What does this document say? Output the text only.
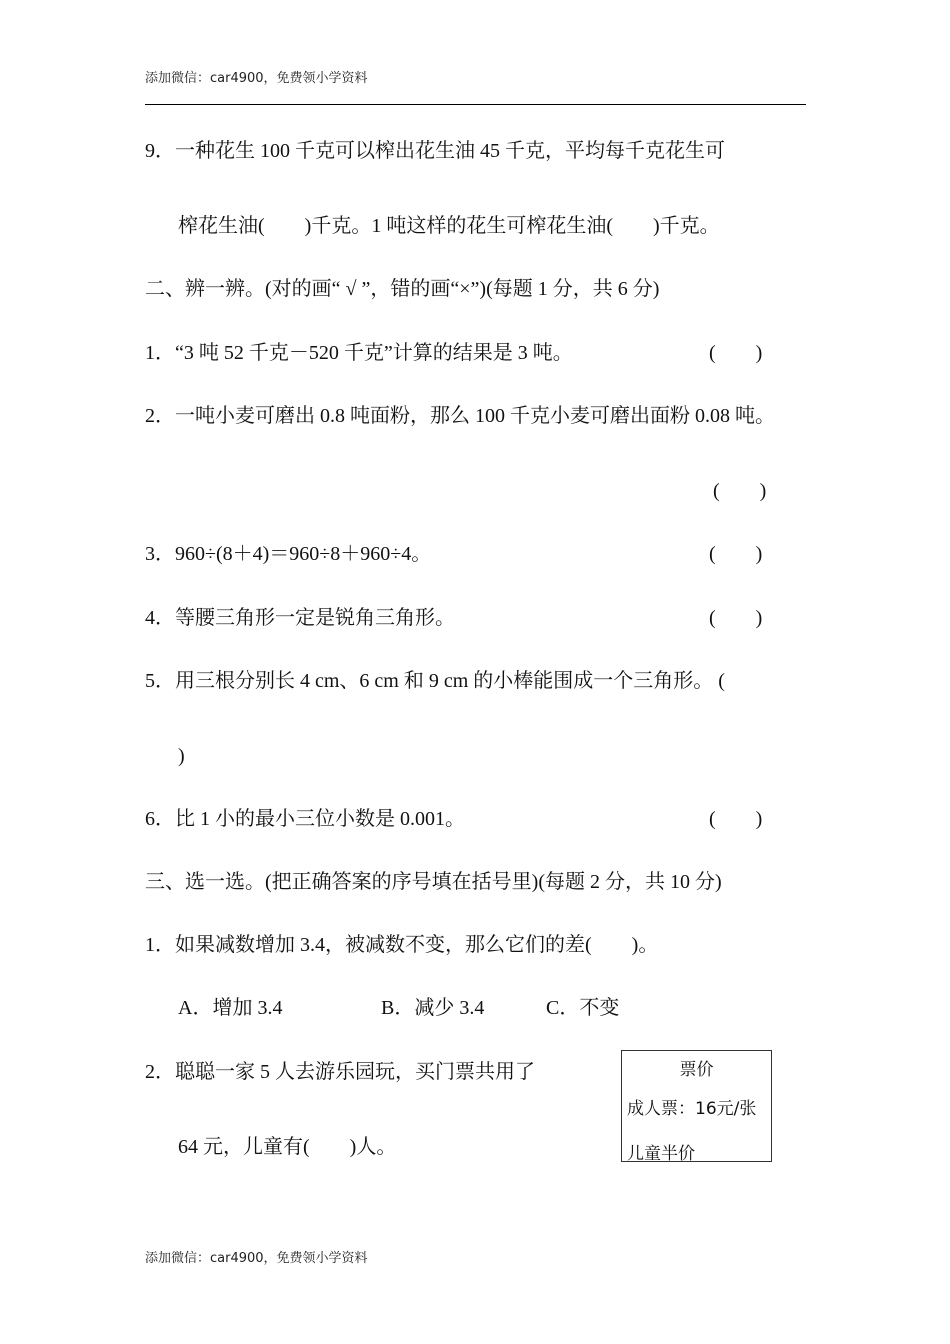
添加微信：car4900，免费领小学资料
9．一种花生 100 千克可以榨出花生油 45 千克，平均每千克花生可
榨花生油(　　)千克。1 吨这样的花生可榨花生油(　　)千克。
二、辨一辨。(对的画“ √ ”，错的画“×”)(每题 1 分，共 6 分)
1．“3 吨 52 千克－520 千克”计算的结果是 3 吨。	(　　)
2．一吨小麦可磨出 0.8 吨面粉，那么 100 千克小麦可磨出面粉 0.08 吨。
(　　)
3．960÷(8＋4)＝960÷8＋960÷4。	(　　)
4．等腰三角形一定是锐角三角形。	(　　)
5．用三根分别长 4 cm、6 cm 和 9 cm 的小棒能围成一个三角形。 (
)
6．比 1 小的最小三位小数是 0.001。	(　　)
三、选一选。(把正确答案的序号填在括号里)(每题 2 分，共 10 分)
1．如果减数增加 3.4，被减数不变，那么它们的差(　　)。
A．增加 3.4	B．减少 3.4	C．不变
2．聪聪一家 5 人去游乐园玩，买门票共用了
64 元，儿童有(　　)人。
票价
成人票：16元/张
儿童半价
添加微信：car4900，免费领小学资料
